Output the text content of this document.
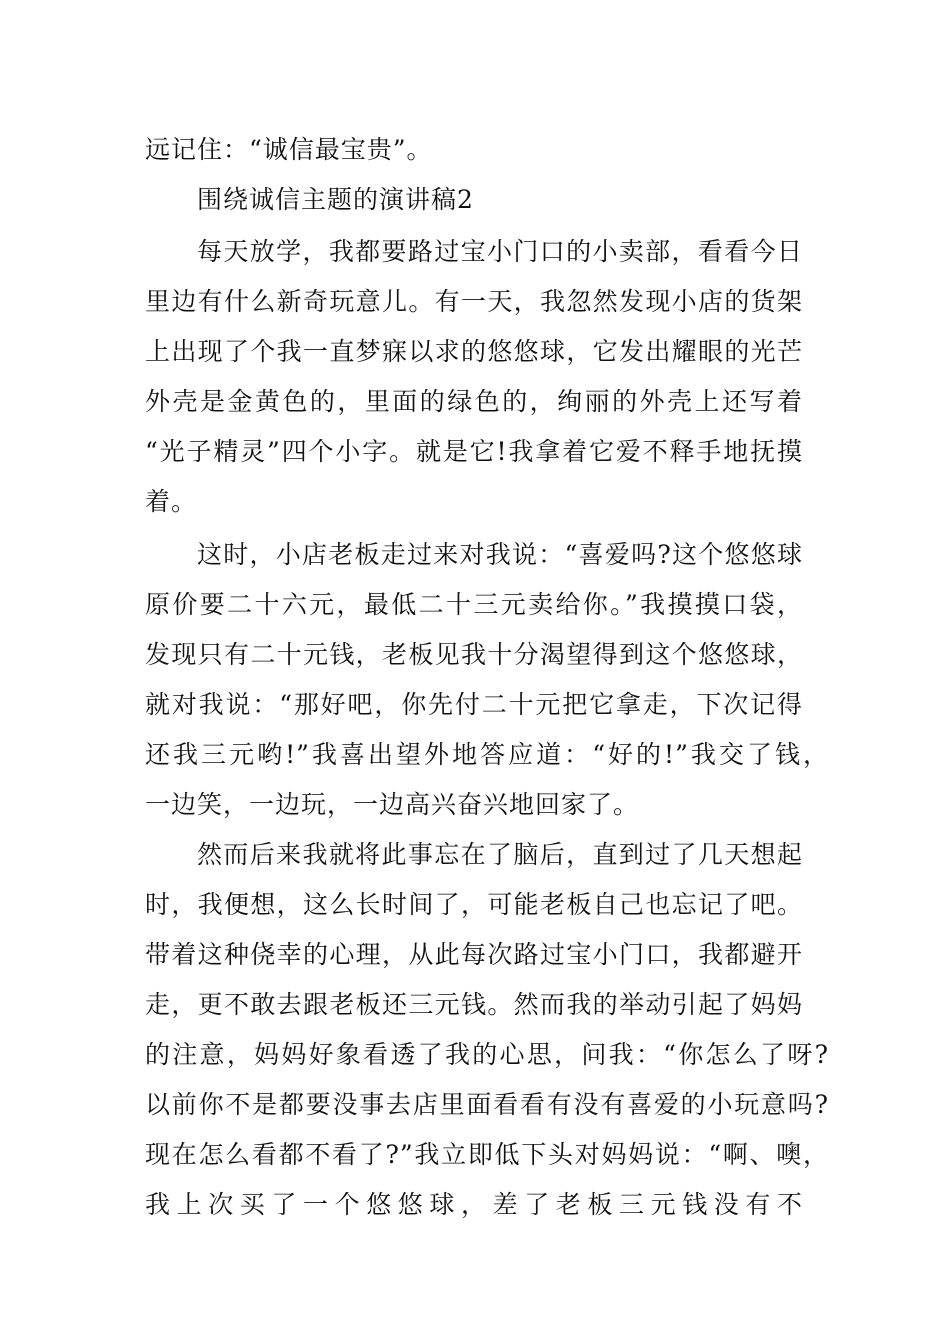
远记住：“诚信最宝贵”。
围绕诚信主题的演讲稿2
每天放学，我都要路过宝小门口的小卖部，看看今日
里边有什么新奇玩意儿。有一天，我忽然发现小店的货架
上出现了个我一直梦寐以求的悠悠球，它发出耀眼的光芒
外壳是金黄色的，里面的绿色的，绚丽的外壳上还写着
“光子精灵”四个小字。就是它!我拿着它爱不释手地抚摸
着。
这时，小店老板走过来对我说：“喜爱吗?这个悠悠球
原价要二十六元，最低二十三元卖给你。”我摸摸口袋，
发现只有二十元钱，老板见我十分渴望得到这个悠悠球，
就对我说：“那好吧，你先付二十元把它拿走，下次记得
还我三元哟!”我喜出望外地答应道：“好的!”我交了钱，
一边笑，一边玩，一边高兴奋兴地回家了。
然而后来我就将此事忘在了脑后，直到过了几天想起
时，我便想，这么长时间了，可能老板自己也忘记了吧。
带着这种侥幸的心理，从此每次路过宝小门口，我都避开
走，更不敢去跟老板还三元钱。然而我的举动引起了妈妈
的注意，妈妈好象看透了我的心思，问我：“你怎么了呀?
以前你不是都要没事去店里面看看有没有喜爱的小玩意吗?
现在怎么看都不看了?”我立即低下头对妈妈说：“啊、噢，
我上次买了一个悠悠球，差了老板三元钱没有不
